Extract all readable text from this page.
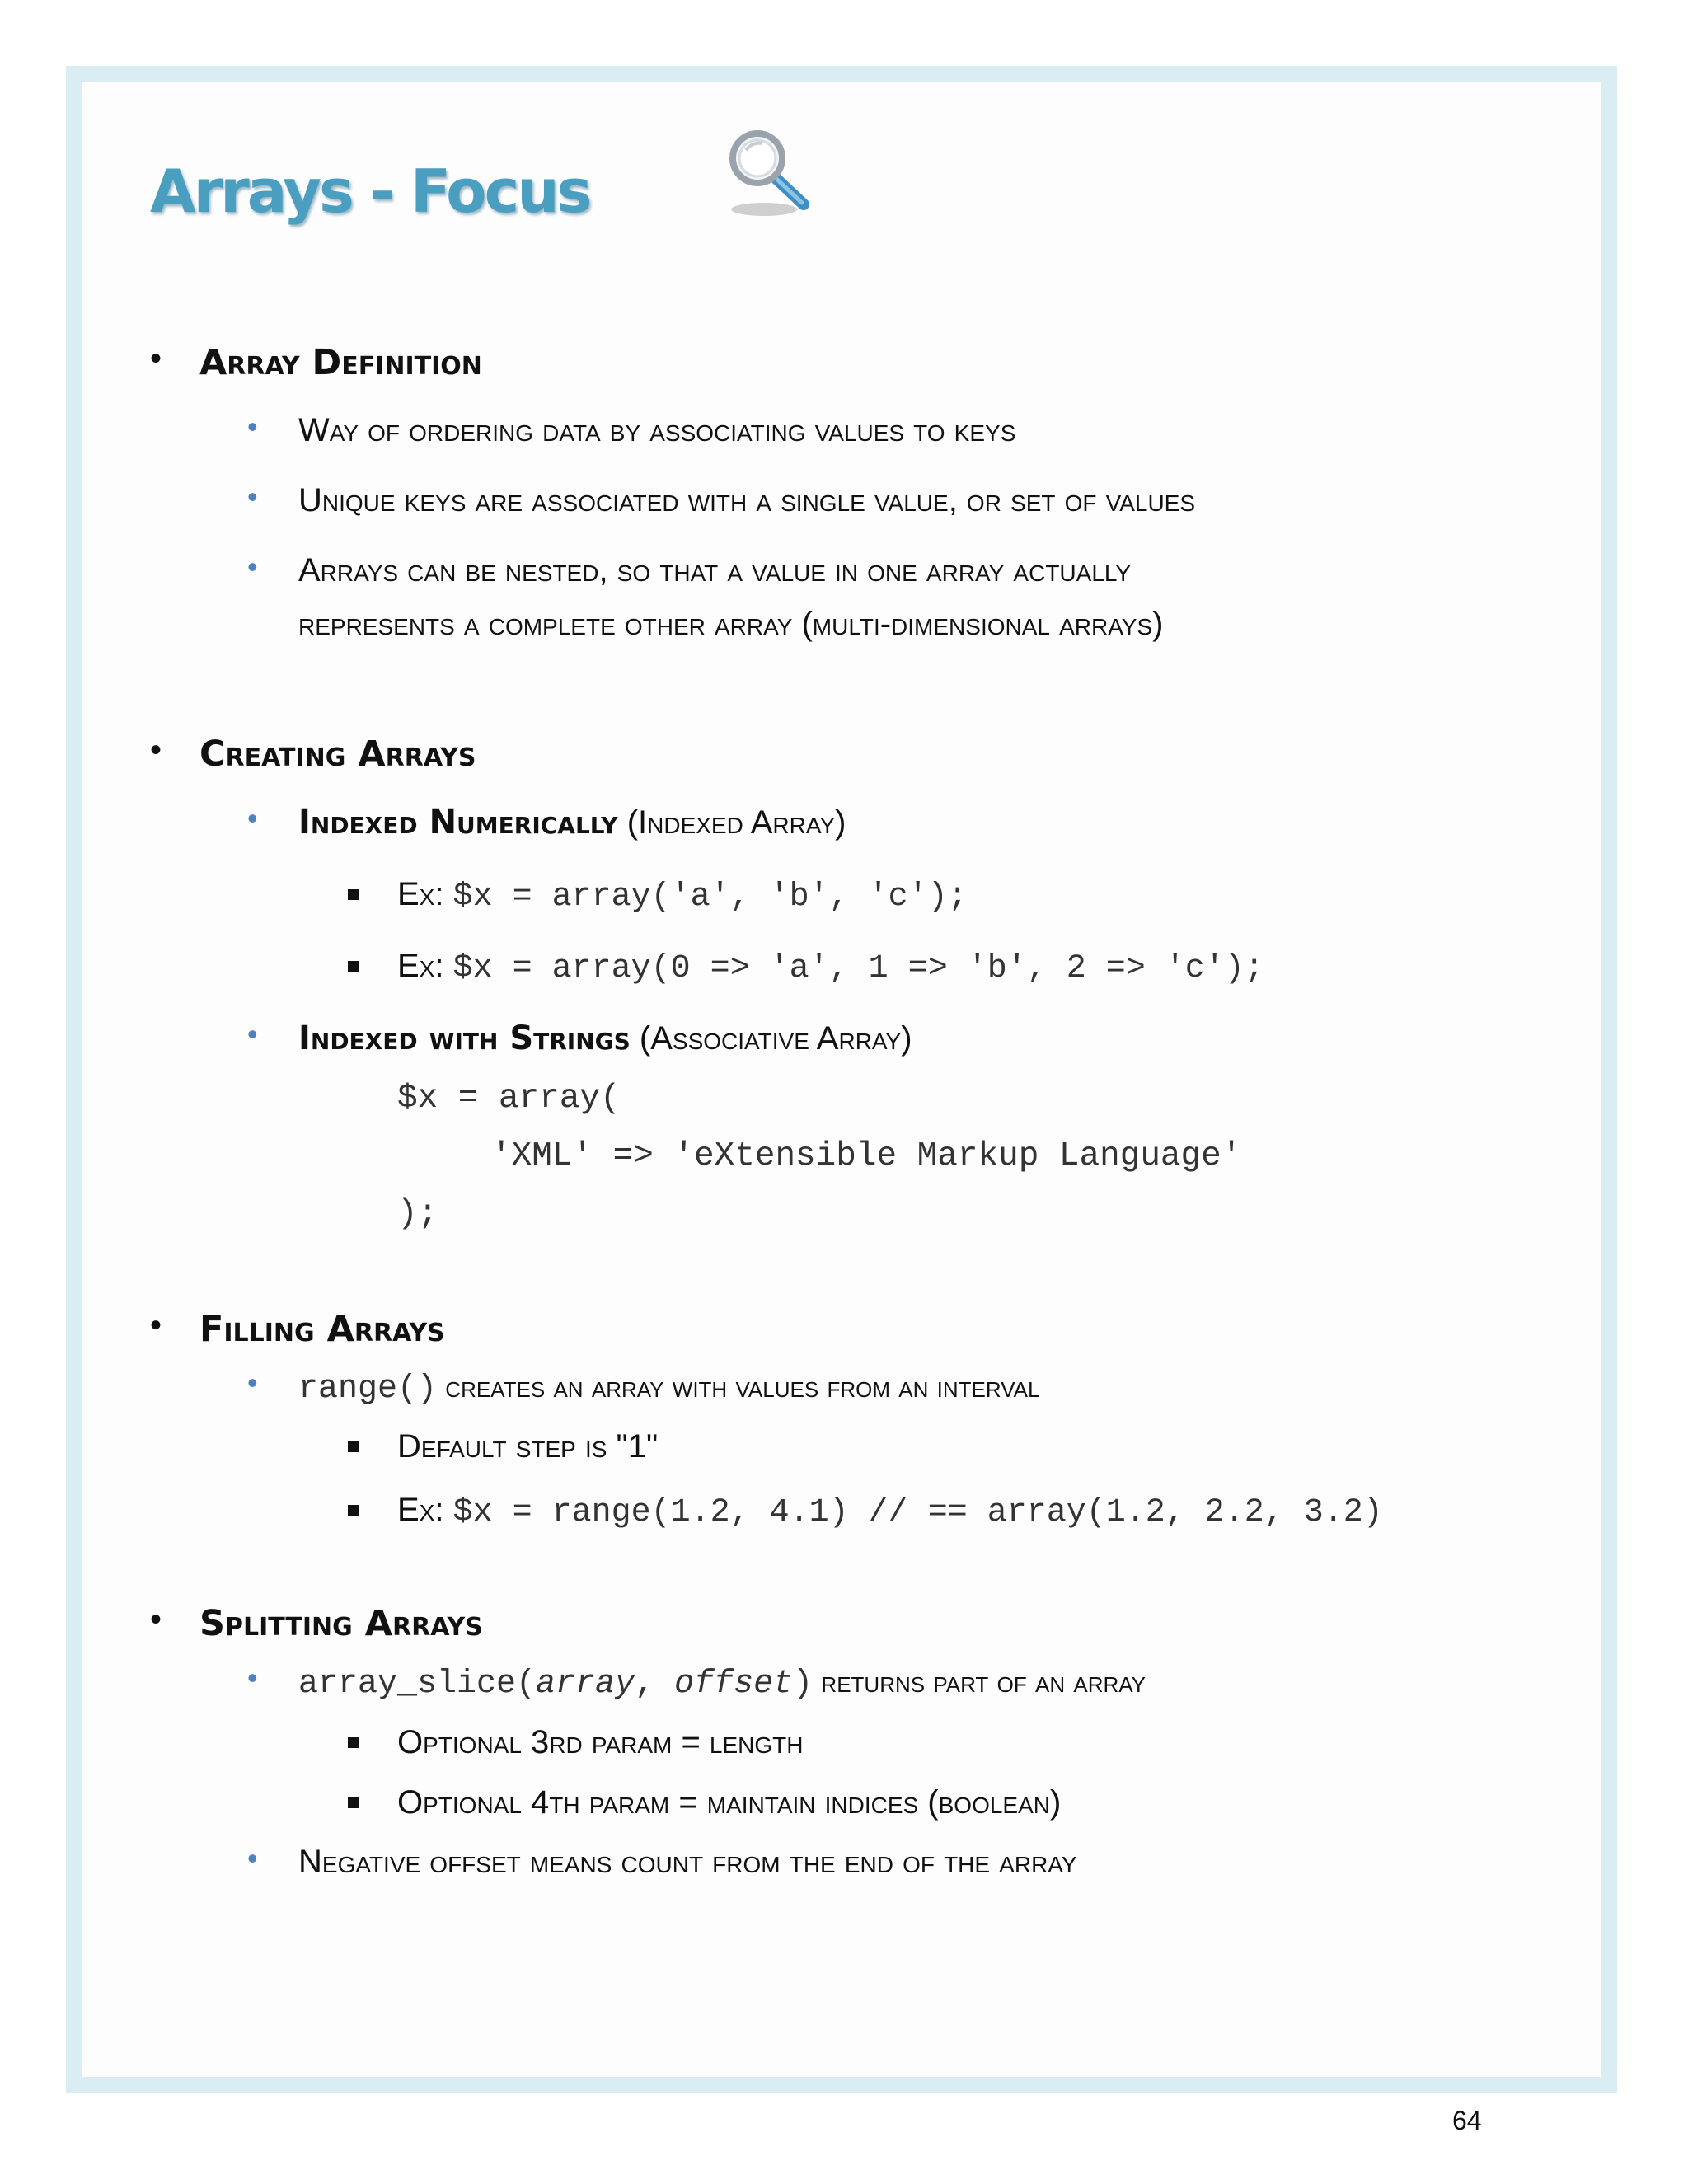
Arrays - Focus
• Array Definition
• Way of ordering data by associating values to keys
• Unique keys are associated with a single value, or set of values
• Arrays can be nested, so that a value in one array actually
represents a complete other array (multi-dimensional arrays)
• Creating Arrays
• Indexed Numerically (Indexed Array)
Ex: $x = array('a', 'b', 'c');
Ex: $x = array(0 => 'a', 1 => 'b', 2 => 'c');
• Indexed with Strings (Associative Array)
$x = array(
'XML' => 'eXtensible Markup Language'
);
• Filling Arrays
• range() creates an array with values from an interval
Default step is "1"
Ex: $x = range(1.2, 4.1) // == array(1.2, 2.2, 3.2)
• Splitting Arrays
• array_slice(array, offset) returns part of an array
Optional 3rd param = length
Optional 4th param = maintain indices (boolean)
• Negative offset means count from the end of the array
64
